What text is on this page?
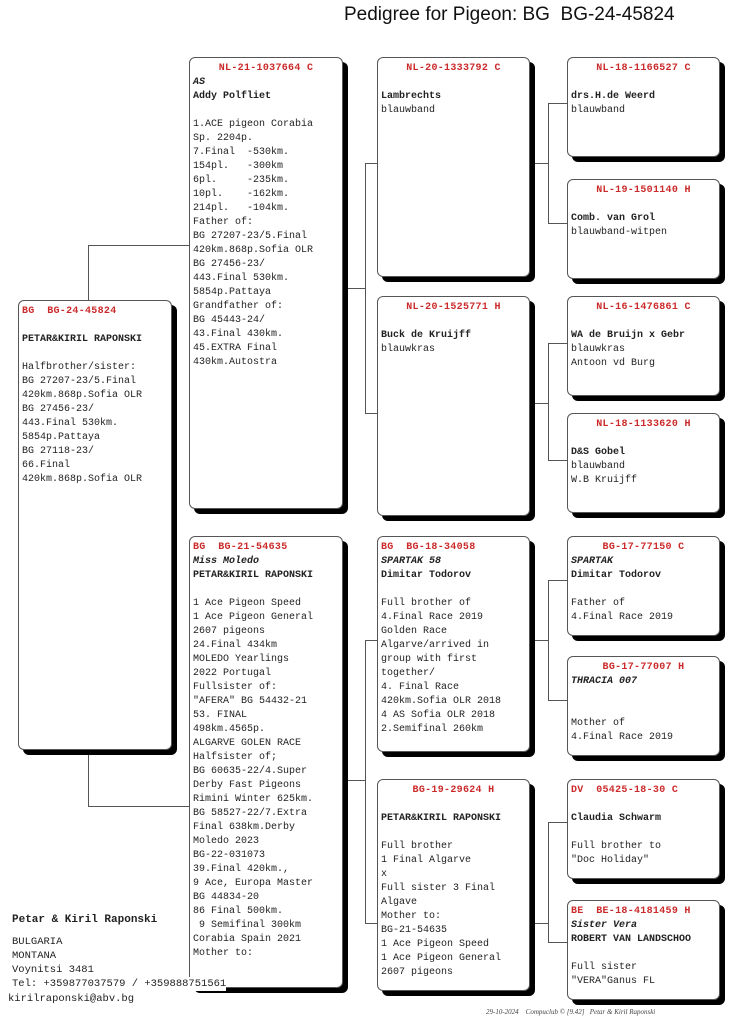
Pedigree for Pigeon: BG  BG-24-45824
BG  BG-24-45824
PETAR&KIRIL RAPONSKI
Halfbrother/sister:
BG 27207-23/5.Final
420km.868p.Sofia OLR
BG 27456-23/
443.Final 530km.
5854p.Pattaya
BG 27118-23/
66.Final
420km.868p.Sofia OLR
NL-21-1037664 C
AS
Addy Polfliet
1.ACE pigeon Corabia
Sp. 2204p.
7.Final  -530km.
154pl.   -300km
6pl.     -235km.
10pl.    -162km.
214pl.   -104km.
Father of:
BG 27207-23/5.Final
420km.868p.Sofia OLR
BG 27456-23/
443.Final 530km.
5854p.Pattaya
Grandfather of:
BG 45443-24/
43.Final 430km.
45.EXTRA Final
430km.Autostra
BG  BG-21-54635
Miss Moledo
PETAR&KIRIL RAPONSKI
1 Ace Pigeon Speed
1 Ace Pigeon General
2607 pigeons
24.Final 434km
MOLEDO Yearlings
2022 Portugal
Fullsister of:
"AFERA" BG 54432-21
53. FINAL
498km.4565p.
ALGARVE GOLEN RACE
Halfsister of;
BG 60635-22/4.Super
Derby Fast Pigeons
Rimini Winter 625km.
BG 58527-22/7.Extra
Final 638km.Derby
Moledo 2023
BG-22-031073
39.Final 420km.,
9 Ace, Europa Master
BG 44834-20
86 Final 500km.
9 Semifinal 300km
Corabia Spain 2021
Mother to:
NL-20-1333792 C
Lambrechts
blauwband
NL-20-1525771 H
Buck de Kruijff
blauwkras
BG  BG-18-34058
SPARTAK 58
Dimitar Todorov
Full brother of
4.Final Race 2019
Golden Race
Algarve/arrived in
group with first
together/
4. Final Race
420km.Sofia OLR 2018
4 AS Sofia OLR 2018
2.Semifinal 260km
BG-19-29624 H
PETAR&KIRIL RAPONSKI
Full brother
1 Final Algarve
x
Full sister 3 Final
Algave
Mother to:
BG-21-54635
1 Ace Pigeon Speed
1 Ace Pigeon General
2607 pigeons
NL-18-1166527 C
drs.H.de Weerd
blauwband
NL-19-1501140 H
Comb. van Grol
blauwband-witpen
NL-16-1476861 C
WA de Bruijn x Gebr
blauwkras
Antoon vd Burg
NL-18-1133620 H
D&S Gobel
blauwband
W.B Kruijff
BG-17-77150 C
SPARTAK
Dimitar Todorov
Father of
4.Final Race 2019
BG-17-77007 H
THRACIA 007
Mother of
4.Final Race 2019
DV  05425-18-30 C
Claudia Schwarm
Full brother to
"Doc Holiday"
BE  BE-18-4181459 H
Sister Vera
ROBERT VAN LANDSCHOO
Full sister
"VERA"Ganus FL
Petar & Kiril Raponski
BULGARIA
MONTANA
Voynitsi 3481
Tel: +359877037579 / +359888751561
kirilraponski@abv.bg
29-10-2024 Compuclub © [9.42] Petar & Kiril Raponski
